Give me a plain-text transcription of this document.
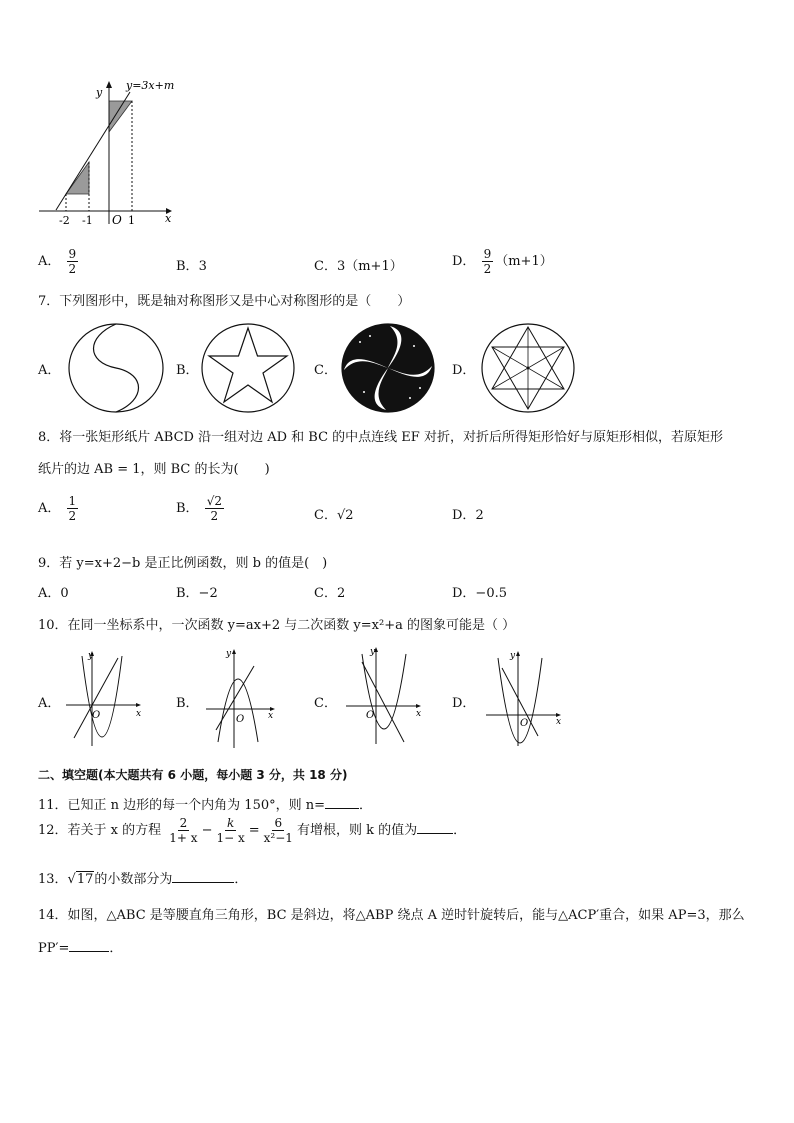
y=3x+m
y
x
O
-2 -1	1
A． $\frac{9}{2}$	B．3	C．3（m+1）	D． $\frac{9}{2} (m+1)$
7．下列图形中，既是轴对称图形又是中心对称图形的是（　　）
A．	B．	C．	D．
8．将一张矩形纸片 ABCD 沿一组对边 AD 和 BC 的中点连线 EF 对折，对折后所得矩形恰好与原矩形相似，若原矩形
纸片的边 AB = 1，则 BC 的长为(　　)
A． $\frac{1}{2}$	B． $\frac{√2}{2}$	C．√2	D．2
9．若 y=x+2−b 是正比例函数，则 b 的值是(　)
A．0	B．−2	C．2	D．−0.5
10．在同一坐标系中，一次函数 y=ax+2 与二次函数 y=x²+a 的图象可能是（ ）
A．
y
x
O
B．
y
x
O
C．
y
x
O
D．
y
x
O
二、填空题(本大题共有 6 小题，每小题 3 分，共 18 分)
11．已知正 n 边形的每一个内角为 150°，则 n=	．
12．若关于 x 的方程 $\frac{2}{1+ x} - \frac{k}{1- x} = \frac{6}{\text{x²−1}}$ 有增根，则 k 的值为	．
13．√17的小数部分为	．
14．如图，△ABC 是等腰直角三角形，BC 是斜边，将△ABP 绕点 A 逆时针旋转后，能与△ACP′重合，如果 AP=3，那么
PP′=	．
